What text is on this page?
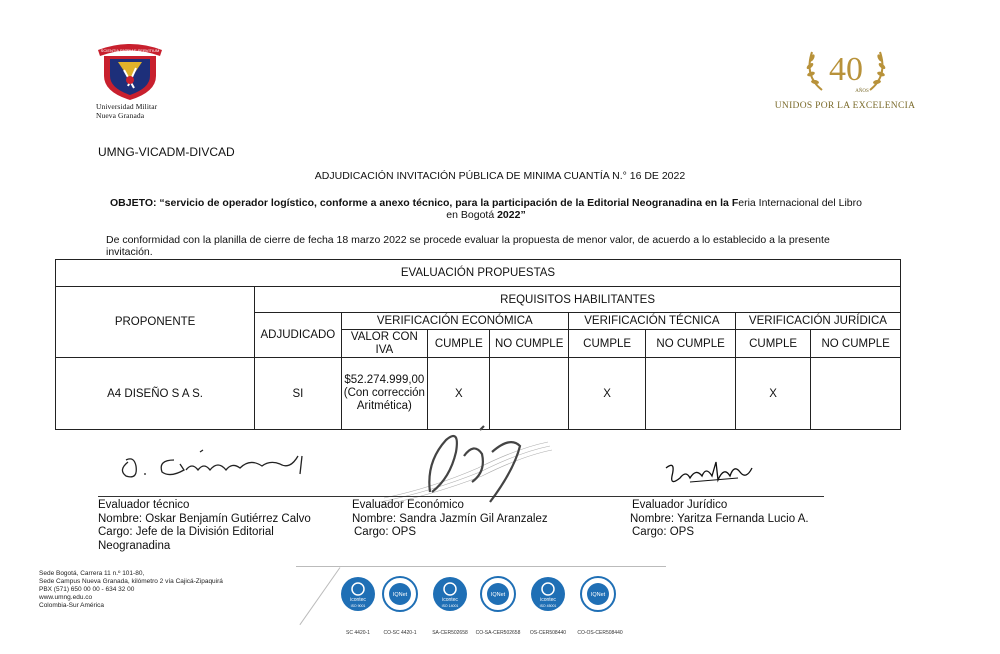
SCIENTIA PATRIAE SERVITIUM
Universidad Militar
Nueva Granada
40
AÑOS
UNIDOS POR LA EXCELENCIA
UMNG-VICADM-DIVCAD
ADJUDICACIÓN INVITACIÓN PÚBLICA DE MINIMA CUANTÍA N.° 16 DE 2022
OBJETO: “servicio de operador logístico, conforme a anexo técnico, para la participación de la Editorial Neogranadina en la Feria Internacional del Libro en Bogotá 2022”
De conformidad con la planilla de cierre de fecha 18 marzo 2022 se procede evaluar la propuesta de menor valor, de acuerdo a lo establecido a la presente invitación.
EVALUACIÓN PROPUESTAS								
PROPONENTE	REQUISITOS HABILITANTES							
	ADJUDICADO	VERIFICACIÓN ECONÓMICA			VERIFICACIÓN TÉCNICA		VERIFICACIÓN JURÍDICA	
		VALOR CON IVA	CUMPLE	NO CUMPLE	CUMPLE	NO CUMPLE	CUMPLE	NO CUMPLE
A4 DISEÑO S A S.	SI	$52.274.999,00 (Con corrección Aritmética)	X		X		X	
Evaluador técnico
Nombre: Oskar Benjamín Gutiérrez Calvo
Cargo: Jefe de la División Editorial Neogranadina
Evaluador Económico
Nombre: Sandra Jazmín Gil Aranzalez
Cargo: OPS
Evaluador Jurídico
Nombre: Yaritza Fernanda Lucio A.
Cargo: OPS
Sede Bogotá, Carrera 11 n.º 101-80,
Sede Campus Nueva Granada, kilómetro 2 vía Cajicá-Zipaquirá
PBX (571) 650 00 00 - 634 32 00
www.umng.edu.co
Colombia-Sur América
icontec
ISO 9001
IQNet
icontec
ISO 14001
IQNet
icontec
ISO 45001
IQNet
SC 4420-1	CO-SC 4420-1	SA-CER502658	CO-SA-CER502658	OS-CER508440	CO-OS-CER508440
